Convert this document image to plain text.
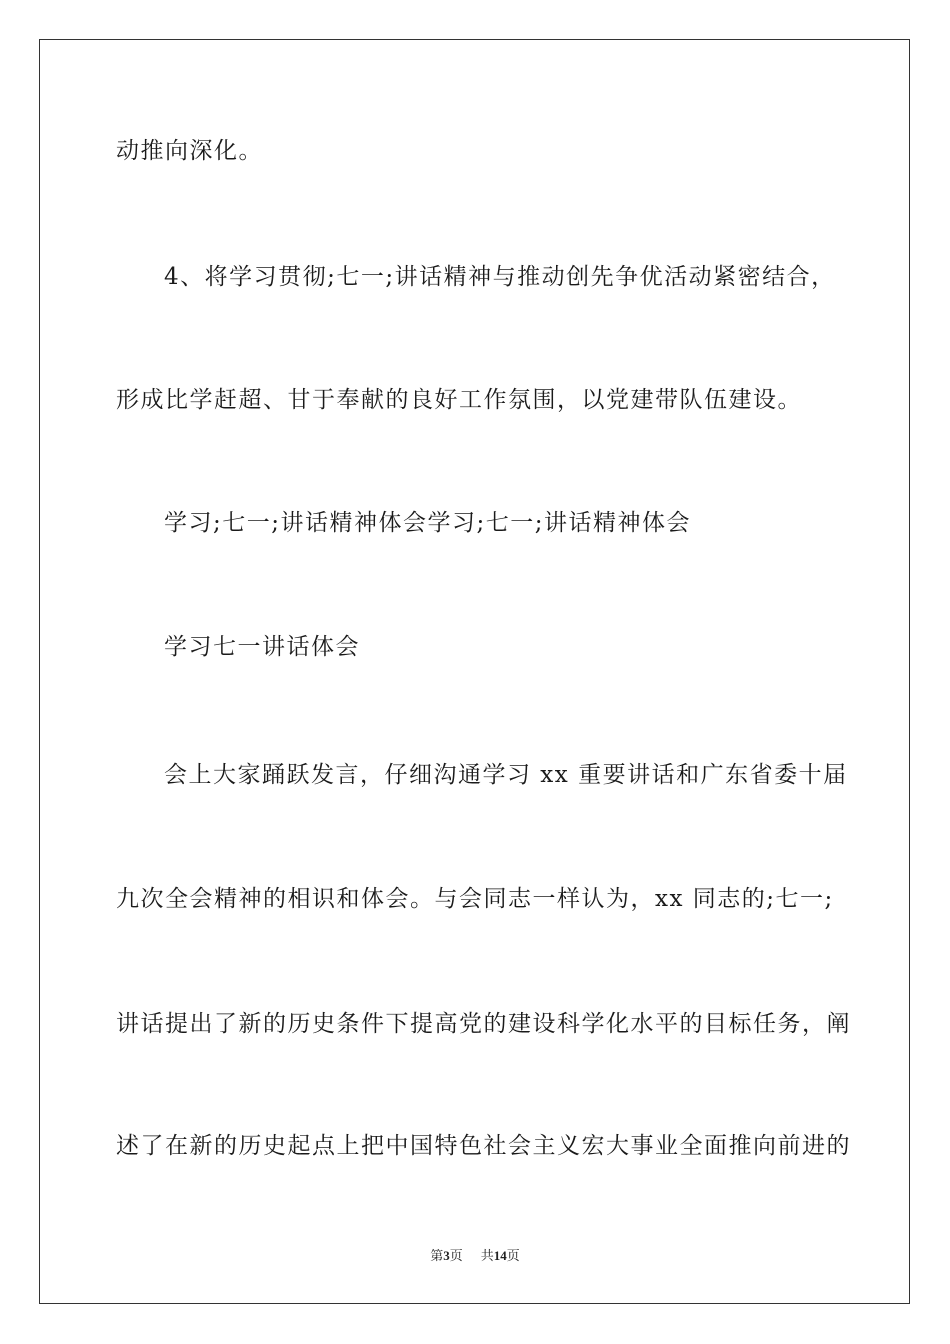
动推向深化。
4、将学习贯彻;七一;讲话精神与推动创先争优活动紧密结合，
形成比学赶超、甘于奉献的良好工作氛围，以党建带队伍建设。
学习;七一;讲话精神体会学习;七一;讲话精神体会
学习七一讲话体会
会上大家踊跃发言，仔细沟通学习 xx 重要讲话和广东省委十届
九次全会精神的相识和体会。与会同志一样认为，xx 同志的;七一;
讲话提出了新的历史条件下提高党的建设科学化水平的目标任务，阐
述了在新的历史起点上把中国特色社会主义宏大事业全面推向前进的
第3页 共14页
